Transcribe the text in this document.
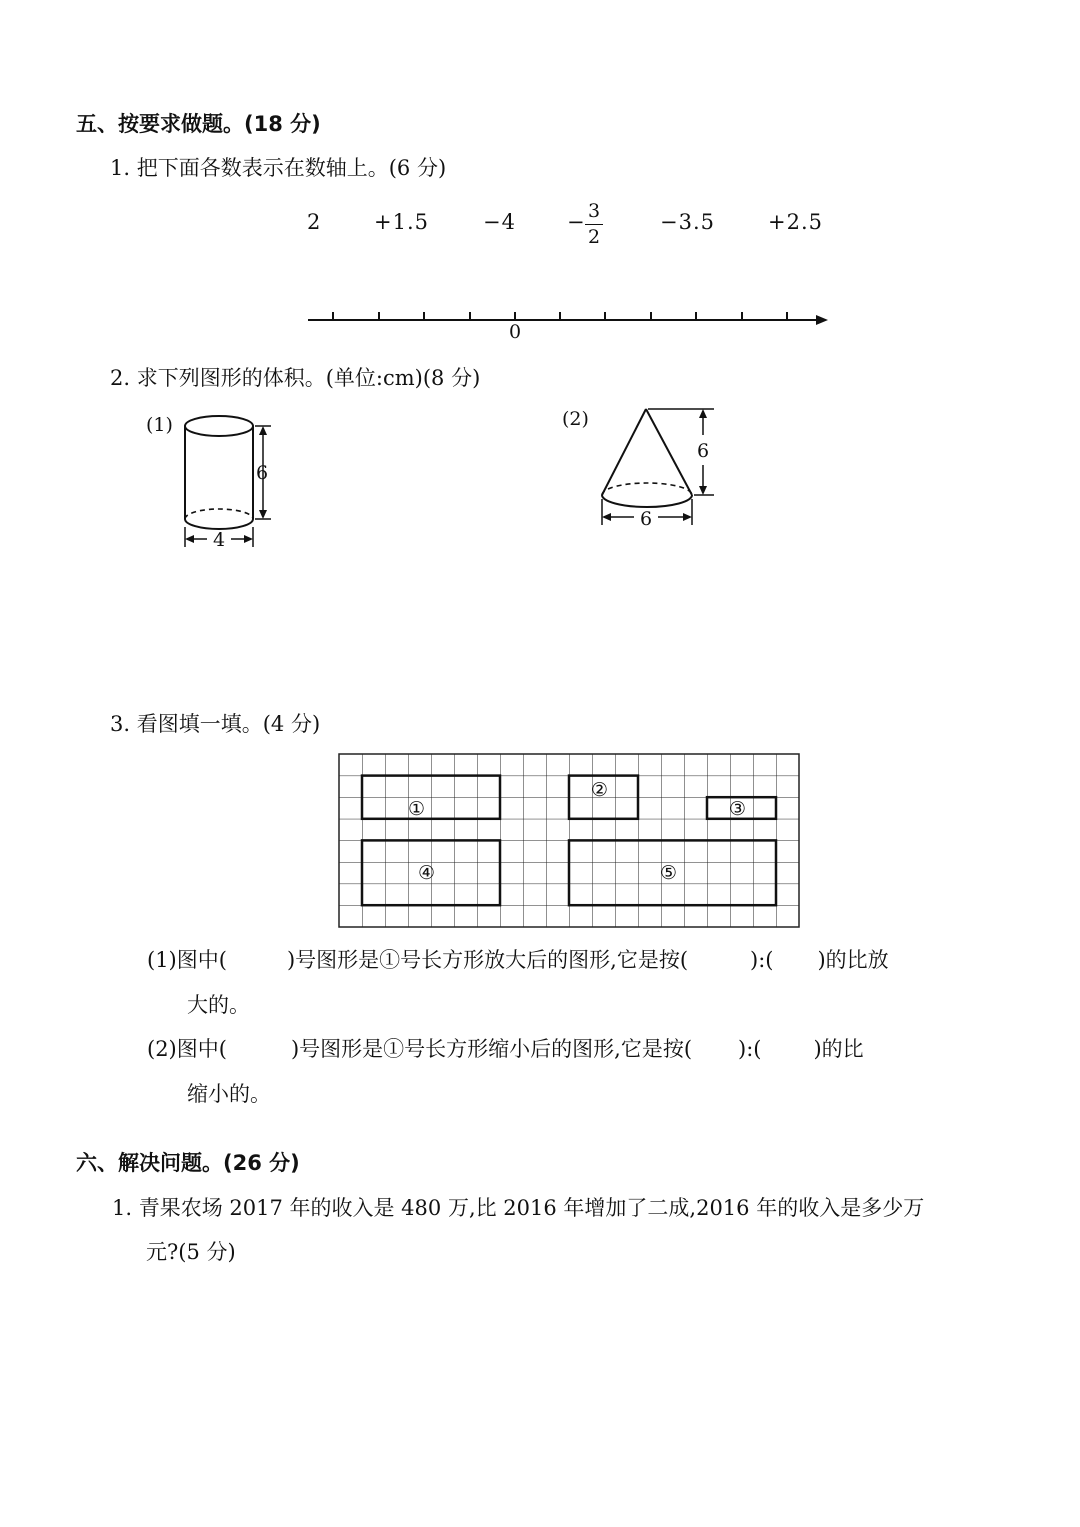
五、按要求做题。(18 分)
1. 把下面各数表示在数轴上。(6 分)
2	+1.5	−4 − 3
2
−3.5	+2.5
0
2. 求下列图形的体积。(单位:cm)(8 分)
(1)
6
4
(2)
6
6
3. 看图填一填。(4 分)
①
②
③
④	⑤
(1)图中(	)号图形是①号长方形放大后的图形,它是按(	):( )的比放
大的。
(2)图中(	)号图形是①号长方形缩小后的图形,它是按( ):( )的比
缩小的。
六、解决问题。(26 分)
1. 青果农场 2017 年的收入是 480 万,比 2016 年增加了二成,2016 年的收入是多少万
元?(5 分)
